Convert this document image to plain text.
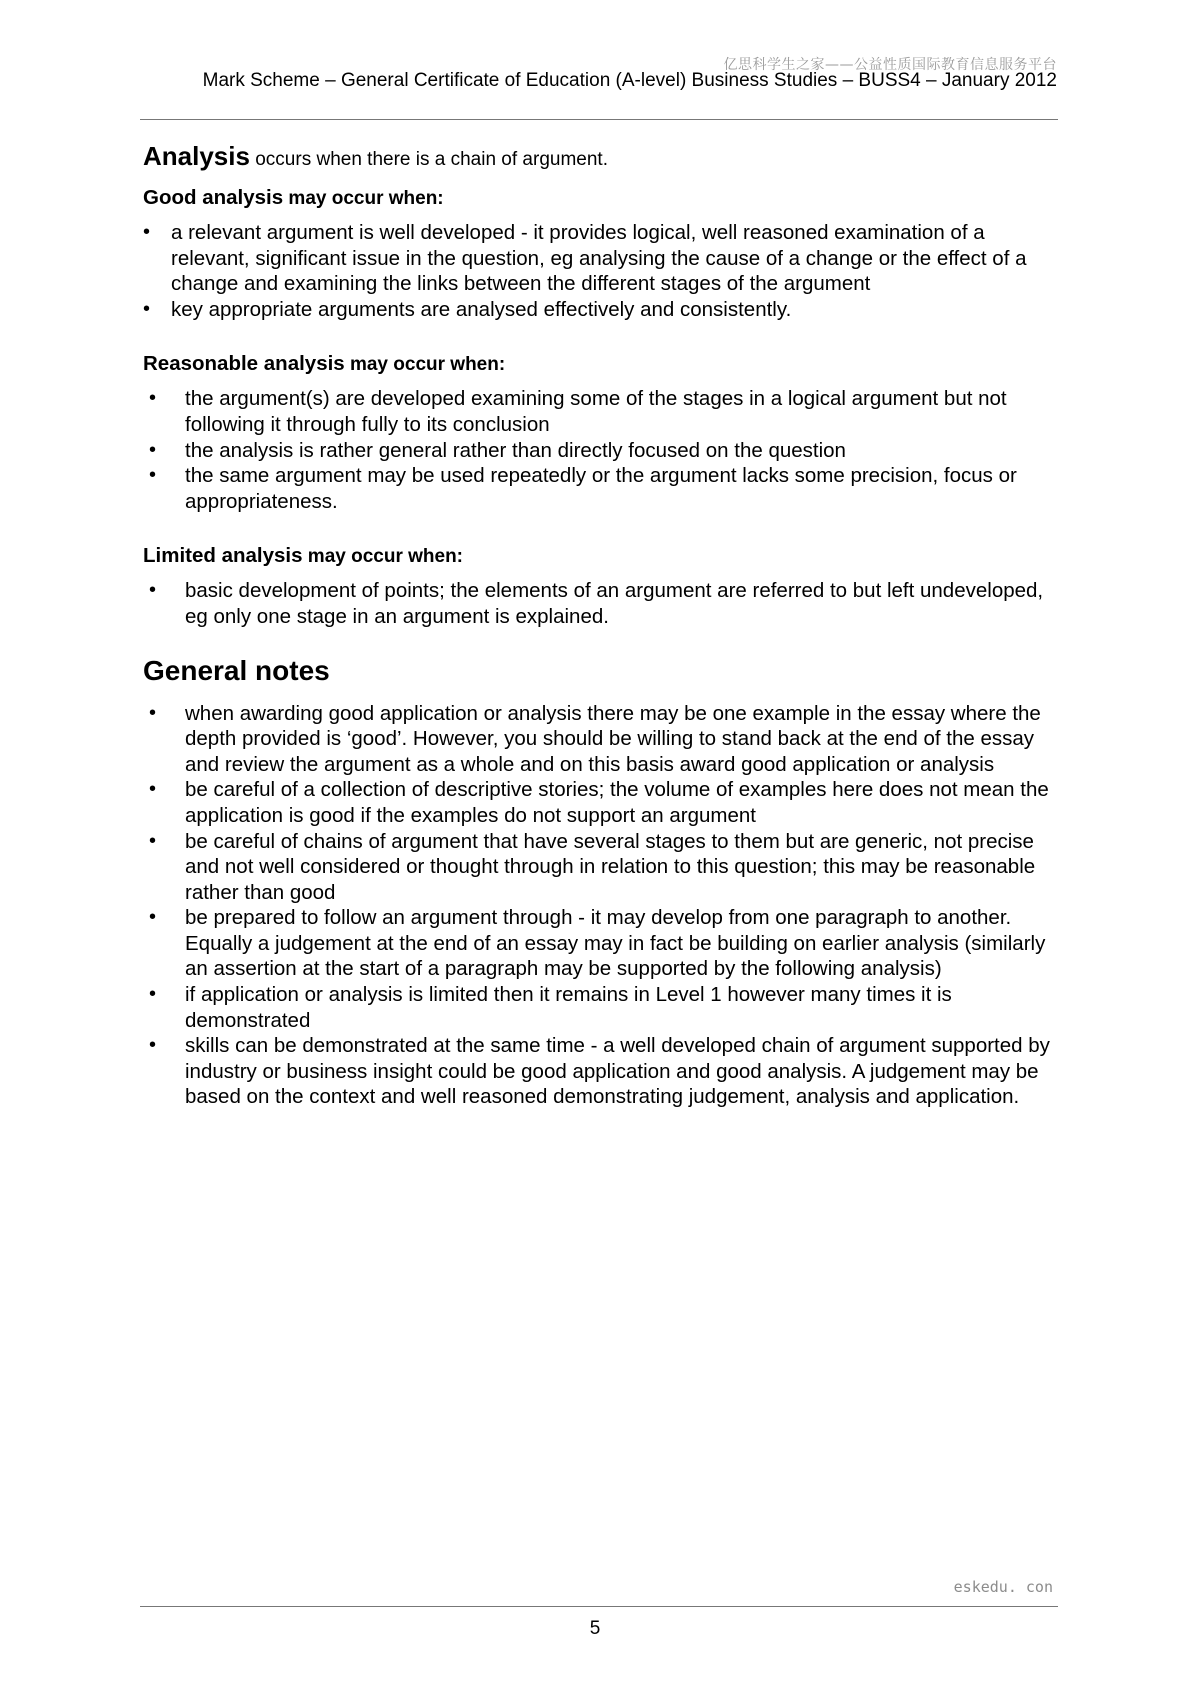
亿思科学生之家——公益性质国际教育信息服务平台
Mark Scheme – General Certificate of Education (A-level) Business Studies – BUSS4 – January 2012

Analysis occurs when there is a chain of argument.

Good analysis may occur when:
• a relevant argument is well developed - it provides logical, well reasoned examination of a relevant, significant issue in the question, eg analysing the cause of a change or the effect of a change and examining the links between the different stages of the argument
• key appropriate arguments are analysed effectively and consistently.
Reasonable analysis may occur when:
• the argument(s) are developed examining some of the stages in a logical argument but not following it through fully to its conclusion
• the analysis is rather general rather than directly focused on the question
• the same argument may be used repeatedly or the argument lacks some precision, focus or appropriateness.
Limited analysis may occur when:
• basic development of points; the elements of an argument are referred to but left undeveloped, eg only one stage in an argument is explained.
General notes
• when awarding good application or analysis there may be one example in the essay where the depth provided is ‘good’. However, you should be willing to stand back at the end of the essay and review the argument as a whole and on this basis award good application or analysis
• be careful of a collection of descriptive stories; the volume of examples here does not mean the application is good if the examples do not support an argument
• be careful of chains of argument that have several stages to them but are generic, not precise and not well considered or thought through in relation to this question; this may be reasonable rather than good
• be prepared to follow an argument through - it may develop from one paragraph to another. Equally a judgement at the end of an essay may in fact be building on earlier analysis (similarly an assertion at the start of a paragraph may be supported by the following analysis)
• if application or analysis is limited then it remains in Level 1 however many times it is demonstrated
• skills can be demonstrated at the same time - a well developed chain of argument supported by industry or business insight could be good application and good analysis. A judgement may be based on the context and well reasoned demonstrating judgement, analysis and application.
eskedu. con
5
